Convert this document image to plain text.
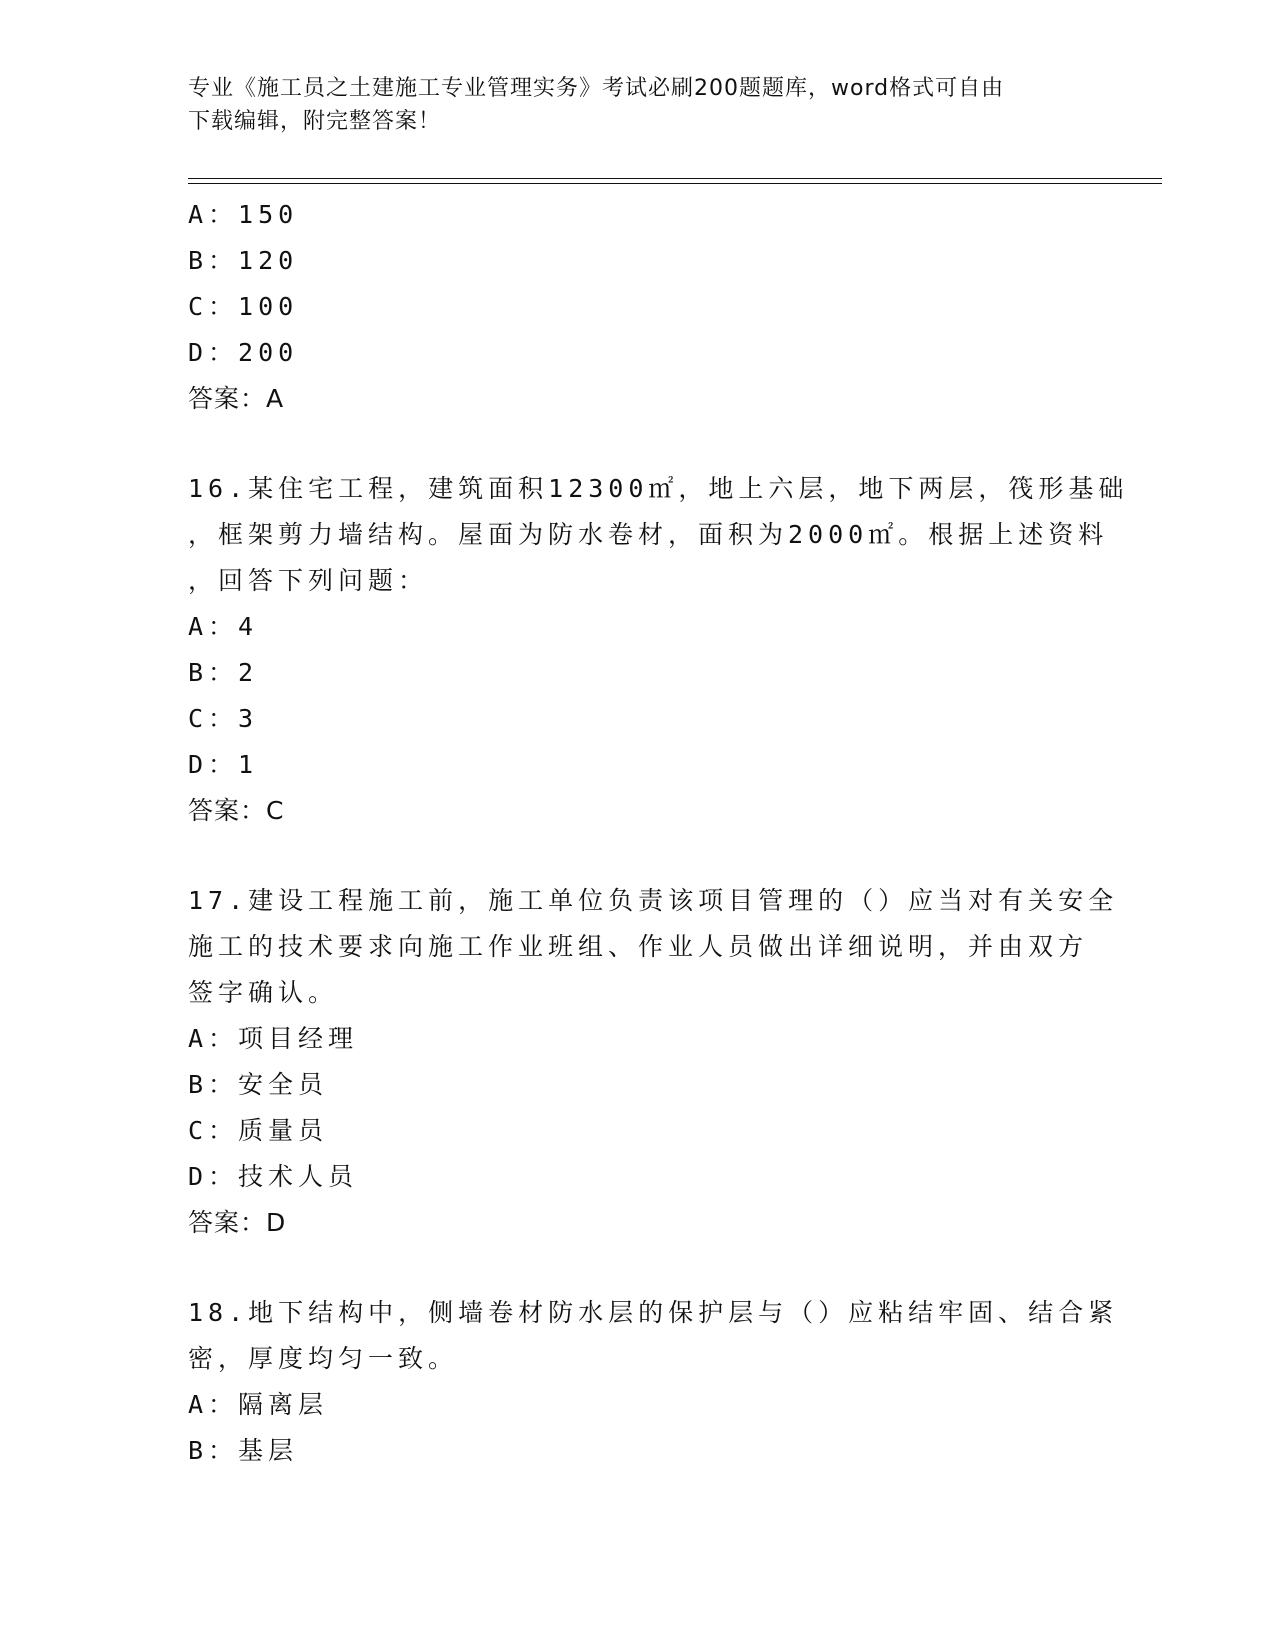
专业《施工员之土建施工专业管理实务》考试必刷200题题库，word格式可自由
下载编辑，附完整答案！
A：150
B：120
C：100
D：200
答案：A
16.某住宅工程，建筑面积12300㎡，地上六层，地下两层，筏形基础
，框架剪力墙结构。屋面为防水卷材，面积为2000㎡。根据上述资料
，回答下列问题：
A：4
B：2
C：3
D：1
答案：C
17.建设工程施工前，施工单位负责该项目管理的（）应当对有关安全
施工的技术要求向施工作业班组、作业人员做出详细说明，并由双方
签字确认。
A：项目经理
B：安全员
C：质量员
D：技术人员
答案：D
18.地下结构中，侧墙卷材防水层的保护层与（）应粘结牢固、结合紧
密，厚度均匀一致。
A：隔离层
B：基层
